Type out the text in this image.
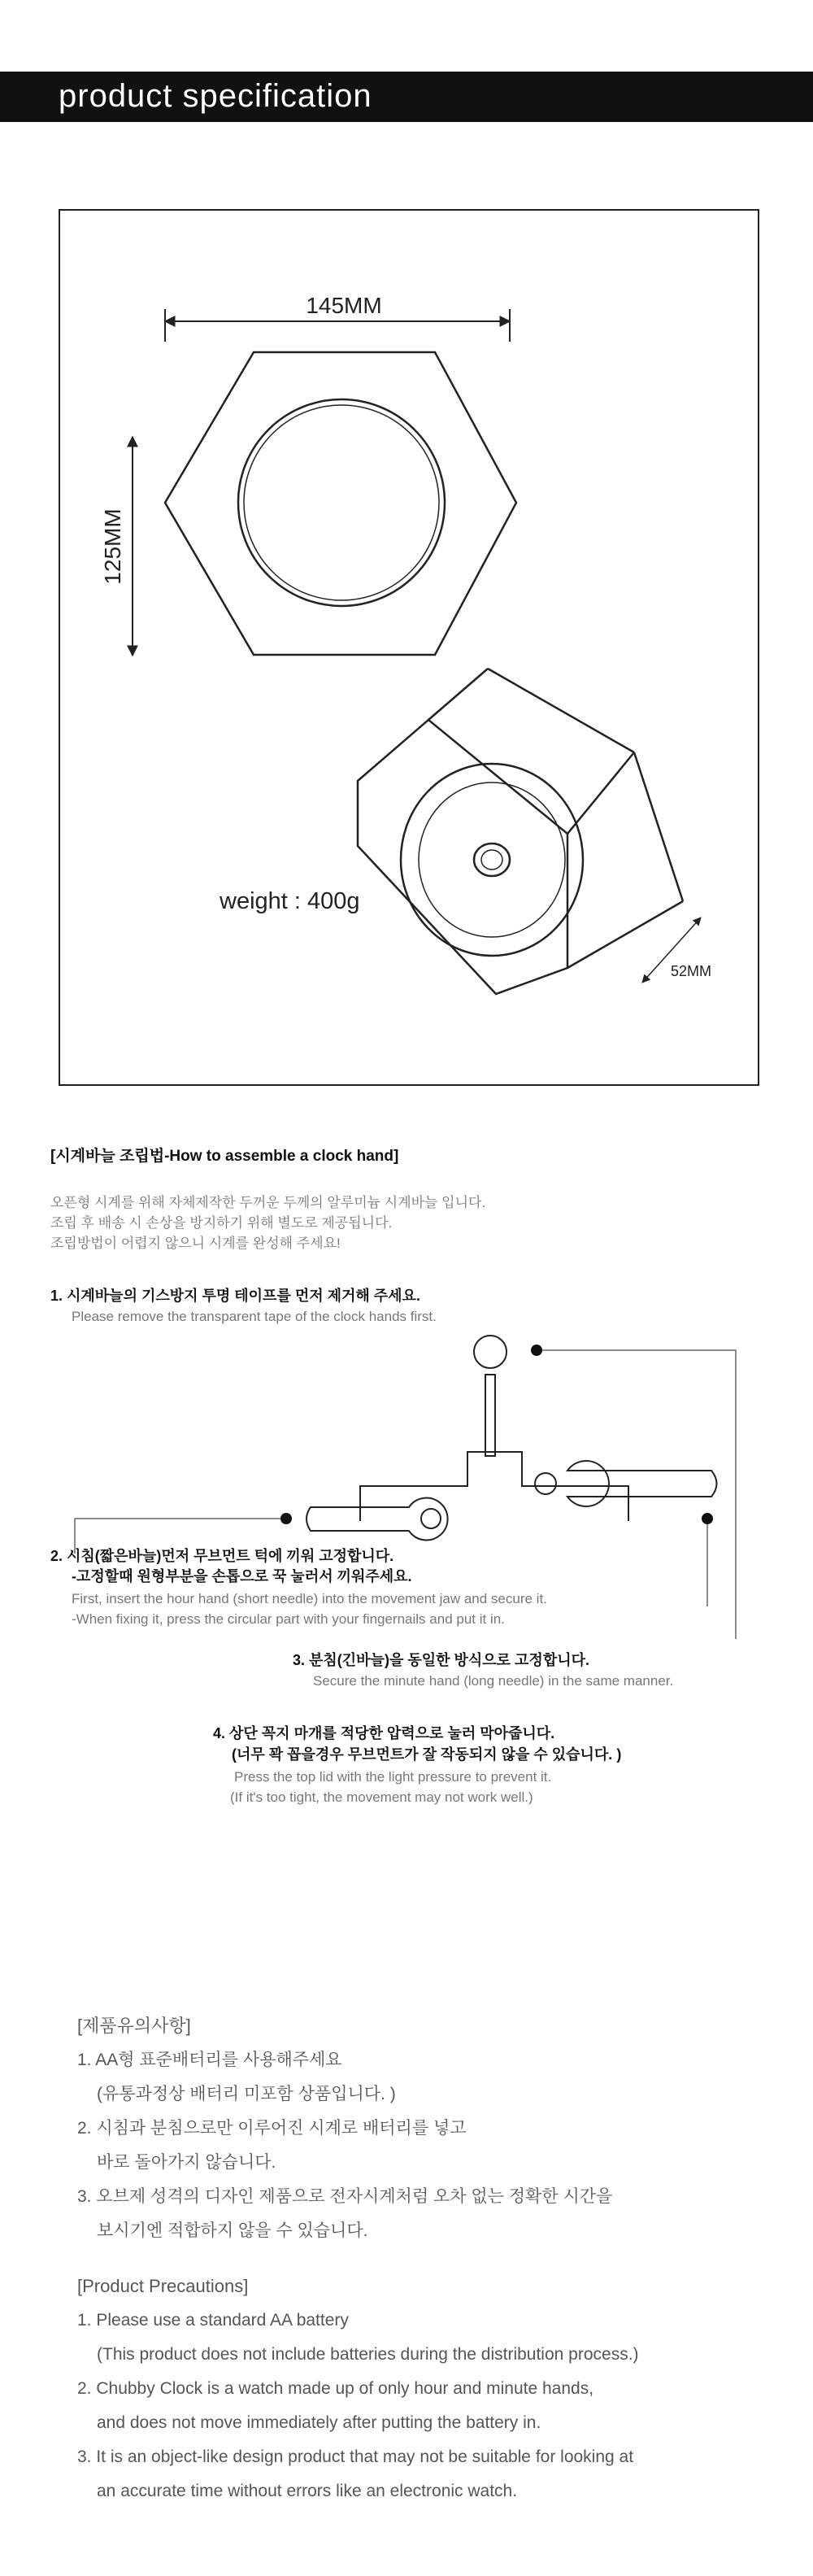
product specification
145MM
125MM
52MM
weight : 400g
[시계바늘 조립법-How to assemble a clock hand]

오픈형 시계를 위해 자체제작한 두꺼운 두께의 알루미늄 시계바늘 입니다.

조립 후 배송 시 손상을 방지하기 위해 별도로 제공됩니다.

조립방법이 어렵지 않으니 시계를 완성해 주세요!

1. 시계바늘의 기스방지 투명 테이프를 먼저 제거해 주세요.
Please remove the transparent tape of the clock hands first.
2. 시침(짧은바늘)먼저 무브먼트 턱에 끼워 고정합니다.
-고정할때 원형부분을 손톱으로 꾹 눌러서 끼워주세요.
First, insert the hour hand (short needle) into the movement jaw and secure it.
-When fixing it, press the circular part with your fingernails and put it in.
3. 분침(긴바늘)을 동일한 방식으로 고정합니다.
Secure the minute hand (long needle) in the same manner.
4. 상단 꼭지 마개를 적당한 압력으로 눌러 막아줍니다.
(너무 꽉 꼽을경우 무브먼트가 잘 작동되지 않을 수 있습니다. )
Press the top lid with the light pressure to prevent it.
(If it's too tight, the movement may not work well.)
[제품유의사항]
1. AA형 표준배터리를 사용해주세요
(유통과정상 배터리 미포함 상품입니다. )
2. 시침과 분침으로만 이루어진 시계로 배터리를 넣고
바로 돌아가지 않습니다.
3. 오브제 성격의 디자인 제품으로 전자시계처럼 오차 없는 정확한 시간을
보시기엔 적합하지 않을 수 있습니다.
[Product Precautions]
1. Please use a standard AA battery
(This product does not include batteries during the distribution process.)
2. Chubby Clock is a watch made up of only hour and minute hands,
and does not move immediately after putting the battery in.
3. It is an object-like design product that may not be suitable for looking at
an accurate time without errors like an electronic watch.
